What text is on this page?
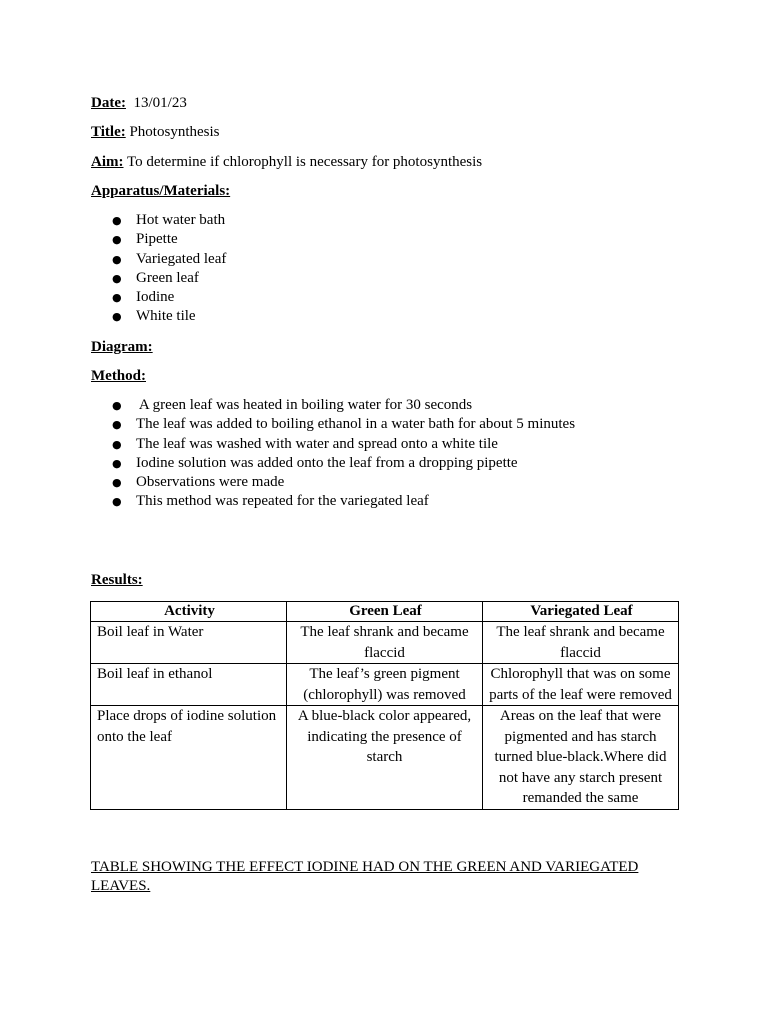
Date: 13/01/23
Title: Photosynthesis
Aim: To determine if chlorophyll is necessary for photosynthesis
Apparatus/Materials:
● Hot water bath
● Pipette
● Variegated leaf
● Green leaf
● Iodine
● White tile
Diagram:
Method:
●  A green leaf was heated in boiling water for 30 seconds
● The leaf was added to boiling ethanol in a water bath for about 5 minutes
● The leaf was washed with water and spread onto a white tile
● Iodine solution was added onto the leaf from a dropping pipette
● Observations were made
● This method was repeated for the variegated leaf
Results:
Activity	Green Leaf	Variegated Leaf
Boil leaf in Water	The leaf shrank and became flaccid	The leaf shrank and became flaccid
Boil leaf in ethanol	The leaf’s green pigment (chlorophyll) was removed	Chlorophyll that was on some parts of the leaf were removed
Place drops of iodine solution onto the leaf	A blue-black color appeared, indicating the presence of starch	Areas on the leaf that were pigmented and has starch turned blue-black.Where did not have any starch present remanded the same
TABLE SHOWING THE EFFECT IODINE HAD ON THE GREEN AND VARIEGATED LEAVES.
